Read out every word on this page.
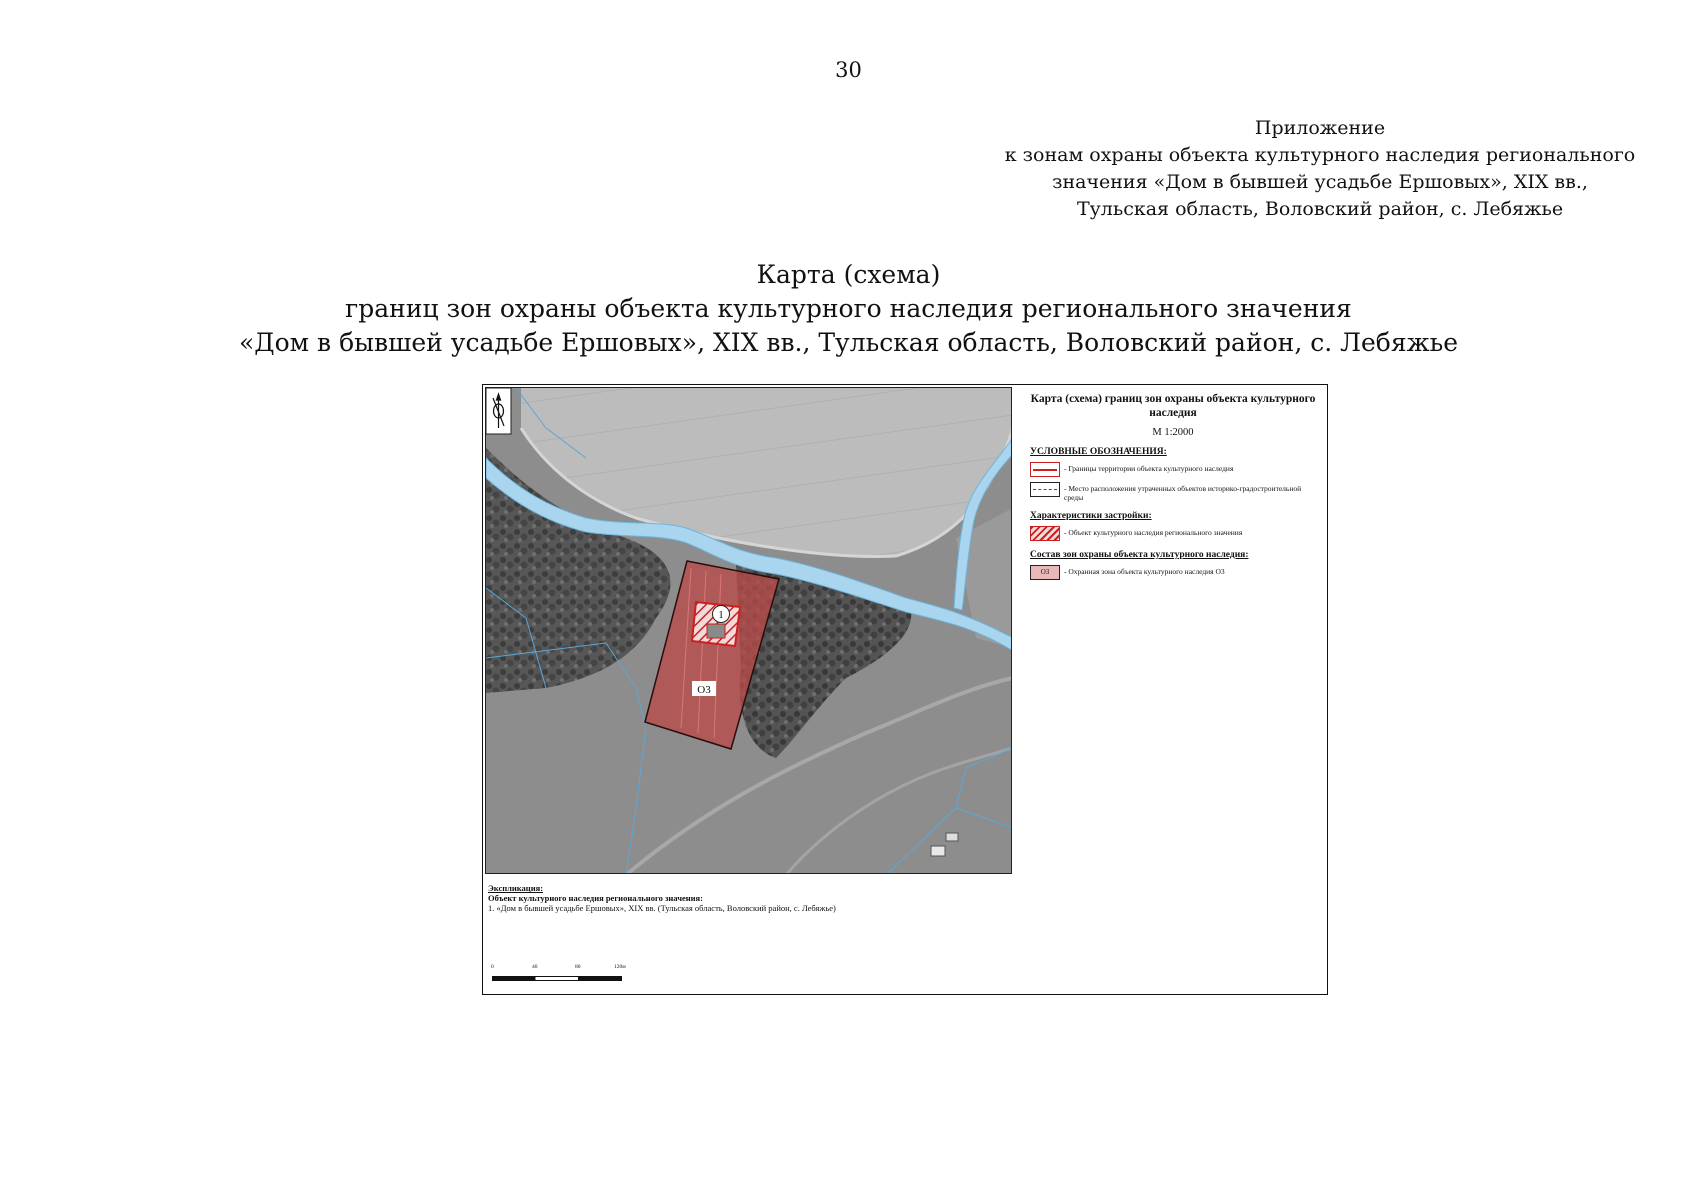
30
Приложение
к зонам охраны объекта культурного наследия регионального
значения «Дом в бывшей усадьбе Ершовых», XIX вв.,
Тульская область, Воловский район, с. Лебяжье
Карта (схема)
границ зон охраны объекта культурного наследия регионального значения
«Дом в бывшей усадьбе Ершовых», XIX вв., Тульская область, Воловский район, с. Лебяжье
1
О3
Карта (схема) границ зон охраны объекта культурного наследия
М 1:2000
УСЛОВНЫЕ ОБОЗНАЧЕНИЯ:
- Границы территории объекта культурного наследия
- Место расположения утраченных объектов историко-градостроительной среды
Характеристики застройки:
- Объект культурного наследия регионального значения
Состав зон охраны объекта культурного наследия:
О3	- Охранная зона объекта культурного наследия О3
Экспликация:
Объект культурного наследия регионального значения:
1. «Дом в бывшей усадьбе Ершовых», XIX вв. (Тульская область, Воловский район, с. Лебяжье)
0	40	80	120м
